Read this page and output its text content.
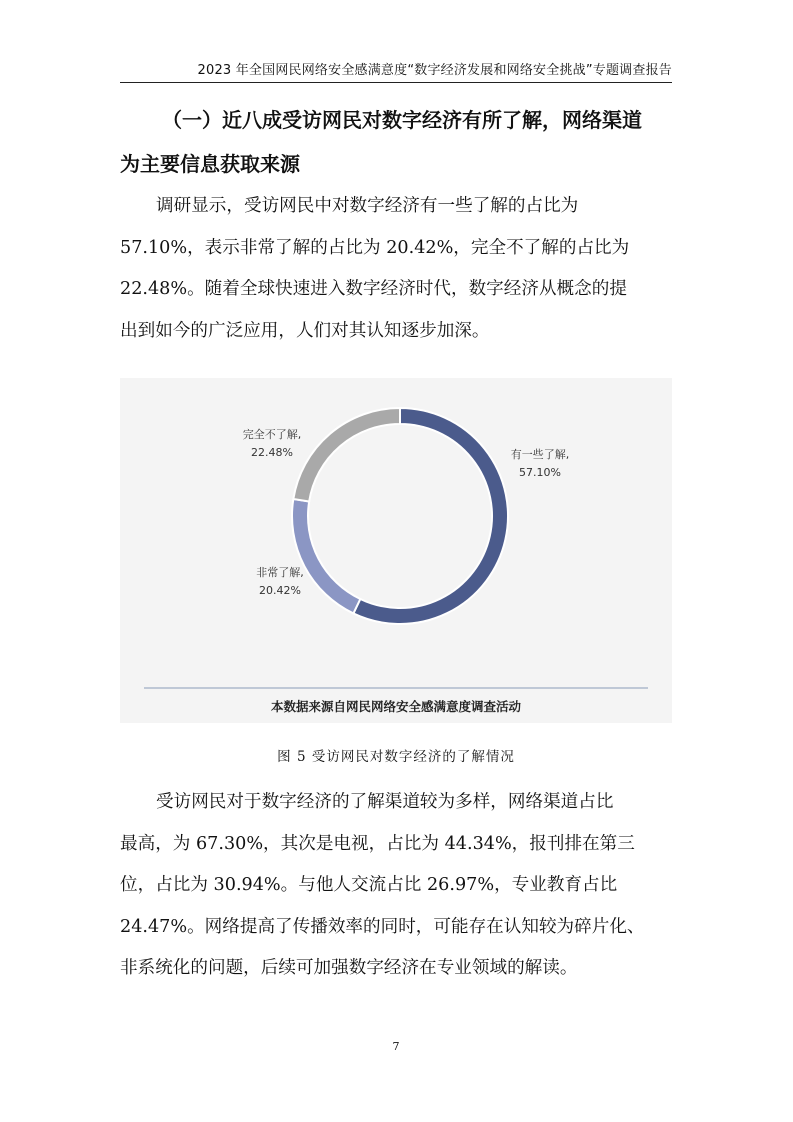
2023 年全国网民网络安全感满意度“数字经济发展和网络安全挑战”专题调查报告
（一）近八成受访网民对数字经济有所了解，网络渠道
为主要信息获取来源
调研显示，受访网民中对数字经济有一些了解的占比为
57.10%，表示非常了解的占比为 20.42%，完全不了解的占比为
22.48%。随着全球快速进入数字经济时代，数字经济从概念的提
出到如今的广泛应用，人们对其认知逐步加深。
有一些了解,
57.10%
非常了解,
20.42%
完全不了解,
22.48%
本数据来源自网民网络安全感满意度调查活动
图 5 受访网民对数字经济的了解情况
受访网民对于数字经济的了解渠道较为多样，网络渠道占比
最高，为 67.30%，其次是电视，占比为 44.34%，报刊排在第三
位，占比为 30.94%。与他人交流占比 26.97%，专业教育占比
24.47%。网络提高了传播效率的同时，可能存在认知较为碎片化、
非系统化的问题，后续可加强数字经济在专业领域的解读。
7
